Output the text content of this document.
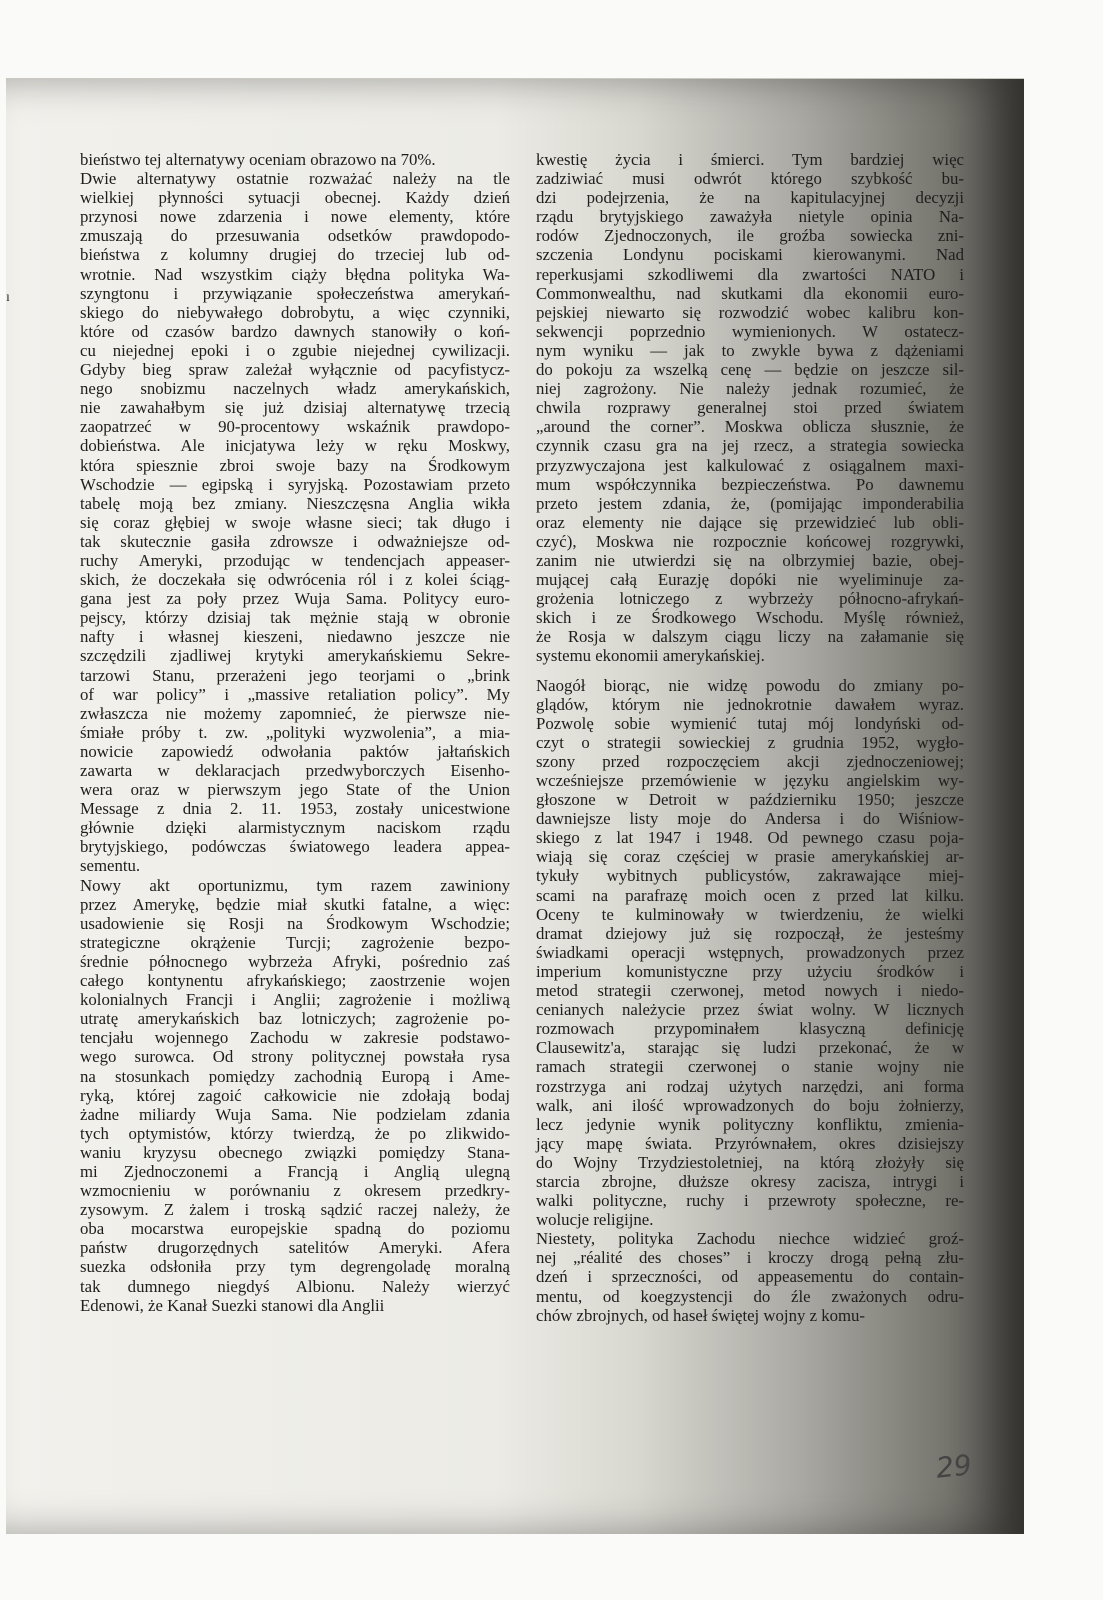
ı
bieństwo tej alternatywy oceniam obrazowo na 70%.
Dwie alternatywy ostatnie rozważać należy na tle
wielkiej płynności sytuacji obecnej. Każdy dzień
przynosi nowe zdarzenia i nowe elementy, które
zmuszają do przesuwania odsetków prawdopodo-
bieństwa z kolumny drugiej do trzeciej lub od-
wrotnie. Nad wszystkim ciąży błędna polityka Wa-
szyngtonu i przywiązanie społeczeństwa amerykań-
skiego do niebywałego dobrobytu, a więc czynniki,
które od czasów bardzo dawnych stanowiły o koń-
cu niejednej epoki i o zgubie niejednej cywilizacji.
Gdyby bieg spraw zależał wyłącznie od pacyfistycz-
nego snobizmu naczelnych władz amerykańskich,
nie zawahałbym się już dzisiaj alternatywę trzecią
zaopatrzeć w 90-procentowy wskaźnik prawdopo-
dobieństwa. Ale inicjatywa leży w ręku Moskwy,
która spiesznie zbroi swoje bazy na Środkowym
Wschodzie — egipską i syryjską. Pozostawiam przeto
tabelę moją bez zmiany. Nieszczęsna Anglia wikła
się coraz głębiej w swoje własne sieci; tak długo i
tak skutecznie gasiła zdrowsze i odważniejsze od-
ruchy Ameryki, przodując w tendencjach appeaser-
skich, że doczekała się odwrócenia ról i z kolei ściąg-
gana jest za poły przez Wuja Sama. Politycy euro-
pejscy, którzy dzisiaj tak mężnie stają w obronie
nafty i własnej kieszeni, niedawno jeszcze nie
szczędzili zjadliwej krytyki amerykańskiemu Sekre-
tarzowi Stanu, przerażeni jego teorjami o „brink
of war policy” i „massive retaliation policy”. My
zwłaszcza nie możemy zapomnieć, że pierwsze nie-
śmiałe próby t. zw. „polityki wyzwolenia”, a mia-
nowicie zapowiedź odwołania paktów jałtańskich
zawarta w deklaracjach przedwyborczych Eisenho-
wera oraz w pierwszym jego State of the Union
Message z dnia 2. 11. 1953, zostały unicestwione
głównie dzięki alarmistycznym naciskom rządu
brytyjskiego, podówczas światowego leadera appea-
sementu.
Nowy akt oportunizmu, tym razem zawiniony
przez Amerykę, będzie miał skutki fatalne, a więc:
usadowienie się Rosji na Środkowym Wschodzie;
strategiczne okrążenie Turcji; zagrożenie bezpo-
średnie północnego wybrzeża Afryki, pośrednio zaś
całego kontynentu afrykańskiego; zaostrzenie wojen
kolonialnych Francji i Anglii; zagrożenie i możliwą
utratę amerykańskich baz lotniczych; zagrożenie po-
tencjału wojennego Zachodu w zakresie podstawo-
wego surowca. Od strony politycznej powstała rysa
na stosunkach pomiędzy zachodnią Europą i Ame-
ryką, której zagoić całkowicie nie zdołają bodaj
żadne miliardy Wuja Sama. Nie podzielam zdania
tych optymistów, którzy twierdzą, że po zlikwido-
waniu kryzysu obecnego związki pomiędzy Stana-
mi Zjednoczonemi a Francją i Anglią ulegną
wzmocnieniu w porównaniu z okresem przedkry-
zysowym. Z żalem i troską sądzić raczej należy, że
oba mocarstwa europejskie spadną do poziomu
państw drugorzędnych satelitów Ameryki. Afera
suezka odsłoniła przy tym degrengoladę moralną
tak dumnego niegdyś Albionu. Należy wierzyć
Edenowi, że Kanał Suezki stanowi dla Anglii
kwestię życia i śmierci. Tym bardziej więc
zadziwiać musi odwrót którego szybkość bu-
dzi podejrzenia, że na kapitulacyjnej decyzji
rządu brytyjskiego zaważyła nietyle opinia Na-
rodów Zjednoczonych, ile groźba sowiecka zni-
szczenia Londynu pociskami kierowanymi. Nad
reperkusjami szkodliwemi dla zwartości NATO i
Commonwealthu, nad skutkami dla ekonomii euro-
pejskiej niewarto się rozwodzić wobec kalibru kon-
sekwencji poprzednio wymienionych. W ostatecz-
nym wyniku — jak to zwykle bywa z dążeniami
do pokoju za wszelką cenę — będzie on jeszcze sil-
niej zagrożony. Nie należy jednak rozumieć, że
chwila rozprawy generalnej stoi przed światem
„around the corner”. Moskwa oblicza słusznie, że
czynnik czasu gra na jej rzecz, a strategia sowiecka
przyzwyczajona jest kalkulować z osiągalnem maxi-
mum współczynnika bezpieczeństwa. Po dawnemu
przeto jestem zdania, że, (pomijając imponderabilia
oraz elementy nie dające się przewidzieć lub obli-
czyć), Moskwa nie rozpocznie końcowej rozgrywki,
zanim nie utwierdzi się na olbrzymiej bazie, obej-
mującej całą Eurazję dopóki nie wyeliminuje za-
grożenia lotniczego z wybrzeży północno-afrykań-
skich i ze Środkowego Wschodu. Myślę również,
że Rosja w dalszym ciągu liczy na załamanie się
systemu ekonomii amerykańskiej.
Naogół biorąc, nie widzę powodu do zmiany po-
glądów, którym nie jednokrotnie dawałem wyraz.
Pozwolę sobie wymienić tutaj mój londyński od-
czyt o strategii sowieckiej z grudnia 1952, wygło-
szony przed rozpoczęciem akcji zjednoczeniowej;
wcześniejsze przemówienie w języku angielskim wy-
głoszone w Detroit w październiku 1950; jeszcze
dawniejsze listy moje do Andersa i do Wiśniow-
skiego z lat 1947 i 1948. Od pewnego czasu poja-
wiają się coraz częściej w prasie amerykańskiej ar-
tykuły wybitnych publicystów, zakrawające miej-
scami na parafrazę moich ocen z przed lat kilku.
Oceny te kulminowały w twierdzeniu, że wielki
dramat dziejowy już się rozpoczął, że jesteśmy
świadkami operacji wstępnych, prowadzonych przez
imperium komunistyczne przy użyciu środków i
metod strategii czerwonej, metod nowych i niedo-
cenianych należycie przez świat wolny. W licznych
rozmowach przypominałem klasyczną definicję
Clausewitz'a, starając się ludzi przekonać, że w
ramach strategii czerwonej o stanie wojny nie
rozstrzyga ani rodzaj użytych narzędzi, ani forma
walk, ani ilość wprowadzonych do boju żołnierzy,
lecz jedynie wynik polityczny konfliktu, zmienia-
jący mapę świata. Przyrównałem, okres dzisiejszy
do Wojny Trzydziestoletniej, na którą złożyły się
starcia zbrojne, dłuższe okresy zacisza, intrygi i
walki polityczne, ruchy i przewroty społeczne, re-
wolucje religijne.
Niestety, polityka Zachodu niechce widzieć groź-
nej „réalité des choses” i kroczy drogą pełną złu-
dzeń i sprzeczności, od appeasementu do contain-
mentu, od koegzystencji do źle zważonych odru-
chów zbrojnych, od haseł świętej wojny z komu-
29
